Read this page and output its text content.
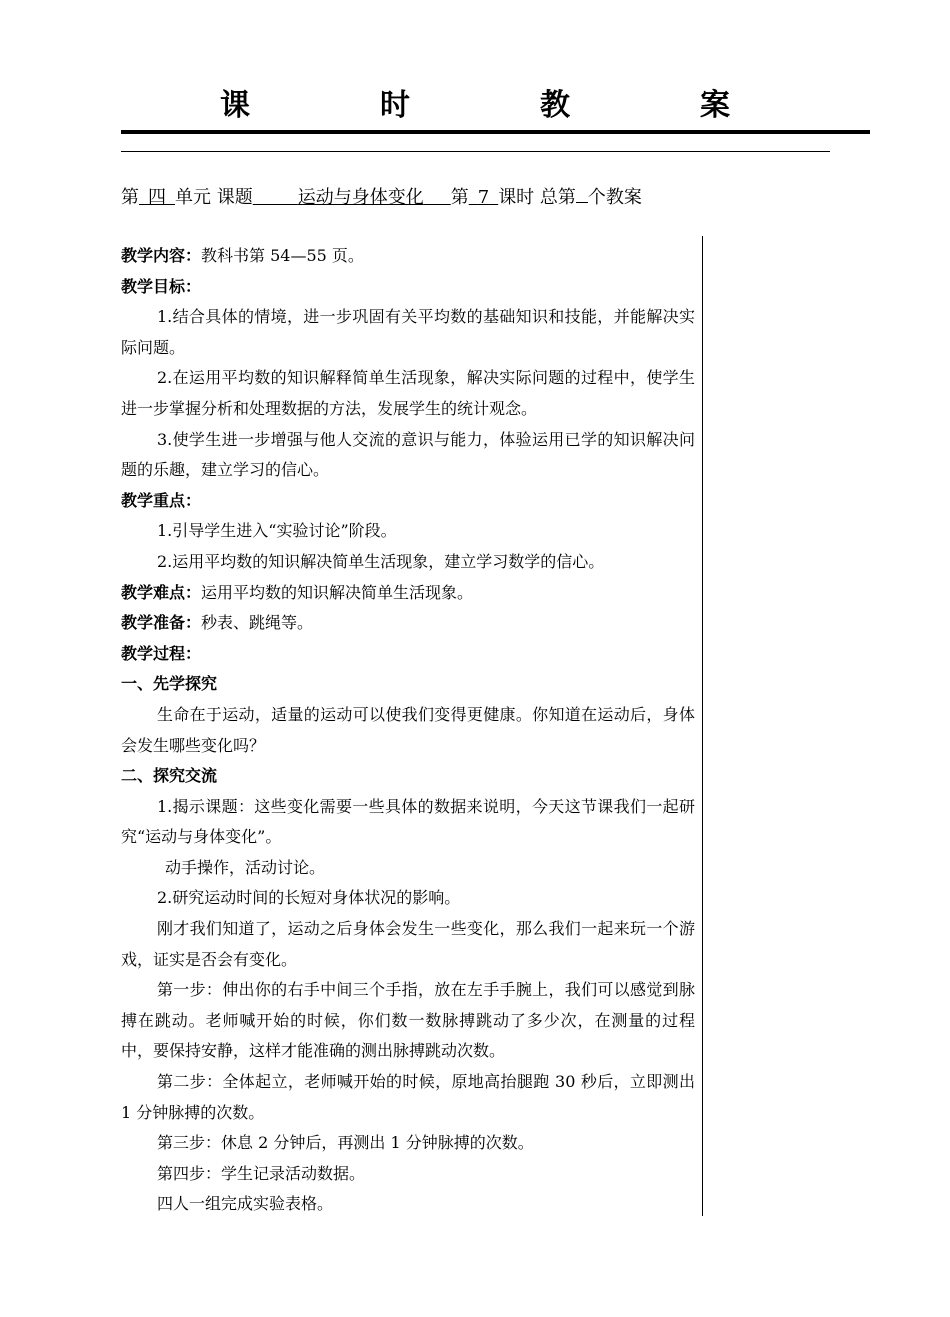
课　时　教　案
第  四  单元 课题   	运动与身体变化   第  7  课时 总第 个教案

教学内容：教科书第 54—55 页。

教学目标：

1.结合具体的情境，进一步巩固有关平均数的基础知识和技能，并能解决实际问题。

2.在运用平均数的知识解释简单生活现象，解决实际问题的过程中，使学生进一步掌握分析和处理数据的方法，发展学生的统计观念。

3.使学生进一步增强与他人交流的意识与能力，体验运用已学的知识解决问题的乐趣，建立学习的信心。

教学重点：

1.引导学生进入“实验讨论”阶段。

2.运用平均数的知识解决简单生活现象，建立学习数学的信心。

教学难点：运用平均数的知识解决简单生活现象。

教学准备：秒表、跳绳等。

教学过程：

一、先学探究

生命在于运动，适量的运动可以使我们变得更健康。你知道在运动后，身体会发生哪些变化吗？

二、探究交流

1.揭示课题：这些变化需要一些具体的数据来说明，今天这节课我们一起研究“运动与身体变化”。

动手操作，活动讨论。

2.研究运动时间的长短对身体状况的影响。

刚才我们知道了，运动之后身体会发生一些变化，那么我们一起来玩一个游戏，证实是否会有变化。

第一步：伸出你的右手中间三个手指，放在左手手腕上，我们可以感觉到脉搏在跳动。老师喊开始的时候，你们数一数脉搏跳动了多少次，在测量的过程中，要保持安静，这样才能准确的测出脉搏跳动次数。

第二步：全体起立，老师喊开始的时候，原地高抬腿跑 30 秒后，立即测出 1 分钟脉搏的次数。

第三步：休息 2 分钟后，再测出 1 分钟脉搏的次数。

第四步：学生记录活动数据。

四人一组完成实验表格。
